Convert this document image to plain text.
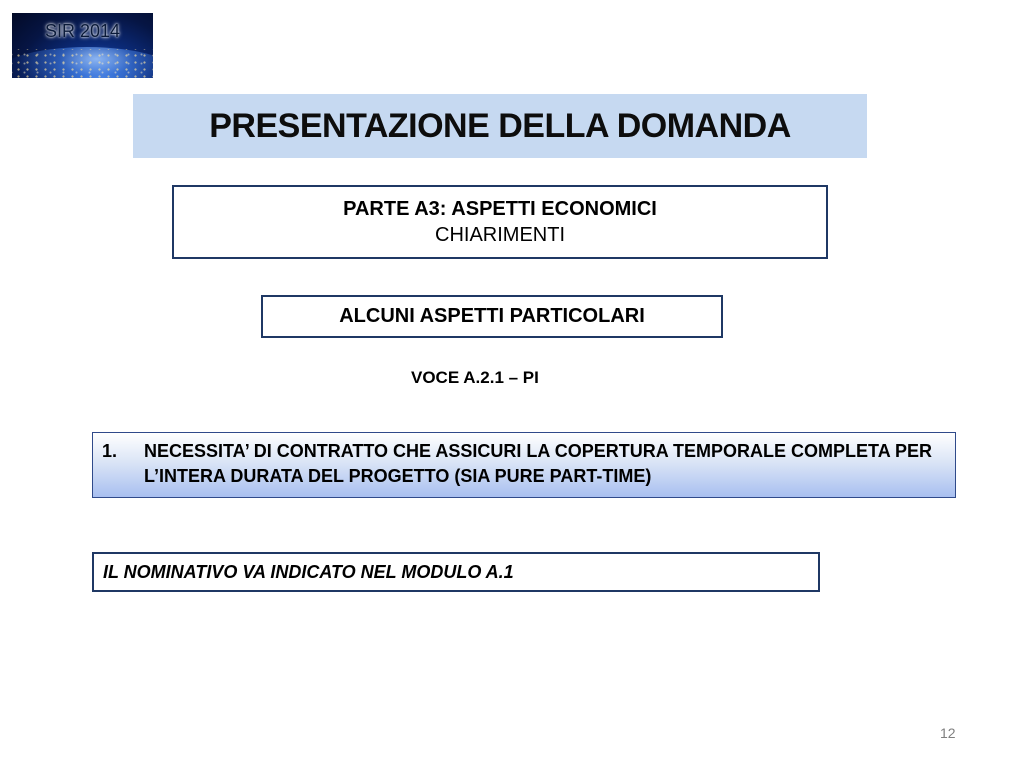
SIR 2014
PRESENTAZIONE DELLA DOMANDA
PARTE A3: ASPETTI ECONOMICI
CHIARIMENTI
ALCUNI ASPETTI PARTICOLARI
VOCE A.2.1 – PI
1.	NECESSITA’ DI CONTRATTO CHE ASSICURI LA COPERTURA TEMPORALE COMPLETA PER L’INTERA DURATA DEL PROGETTO (SIA PURE PART-TIME)
IL NOMINATIVO VA INDICATO NEL MODULO A.1
12
